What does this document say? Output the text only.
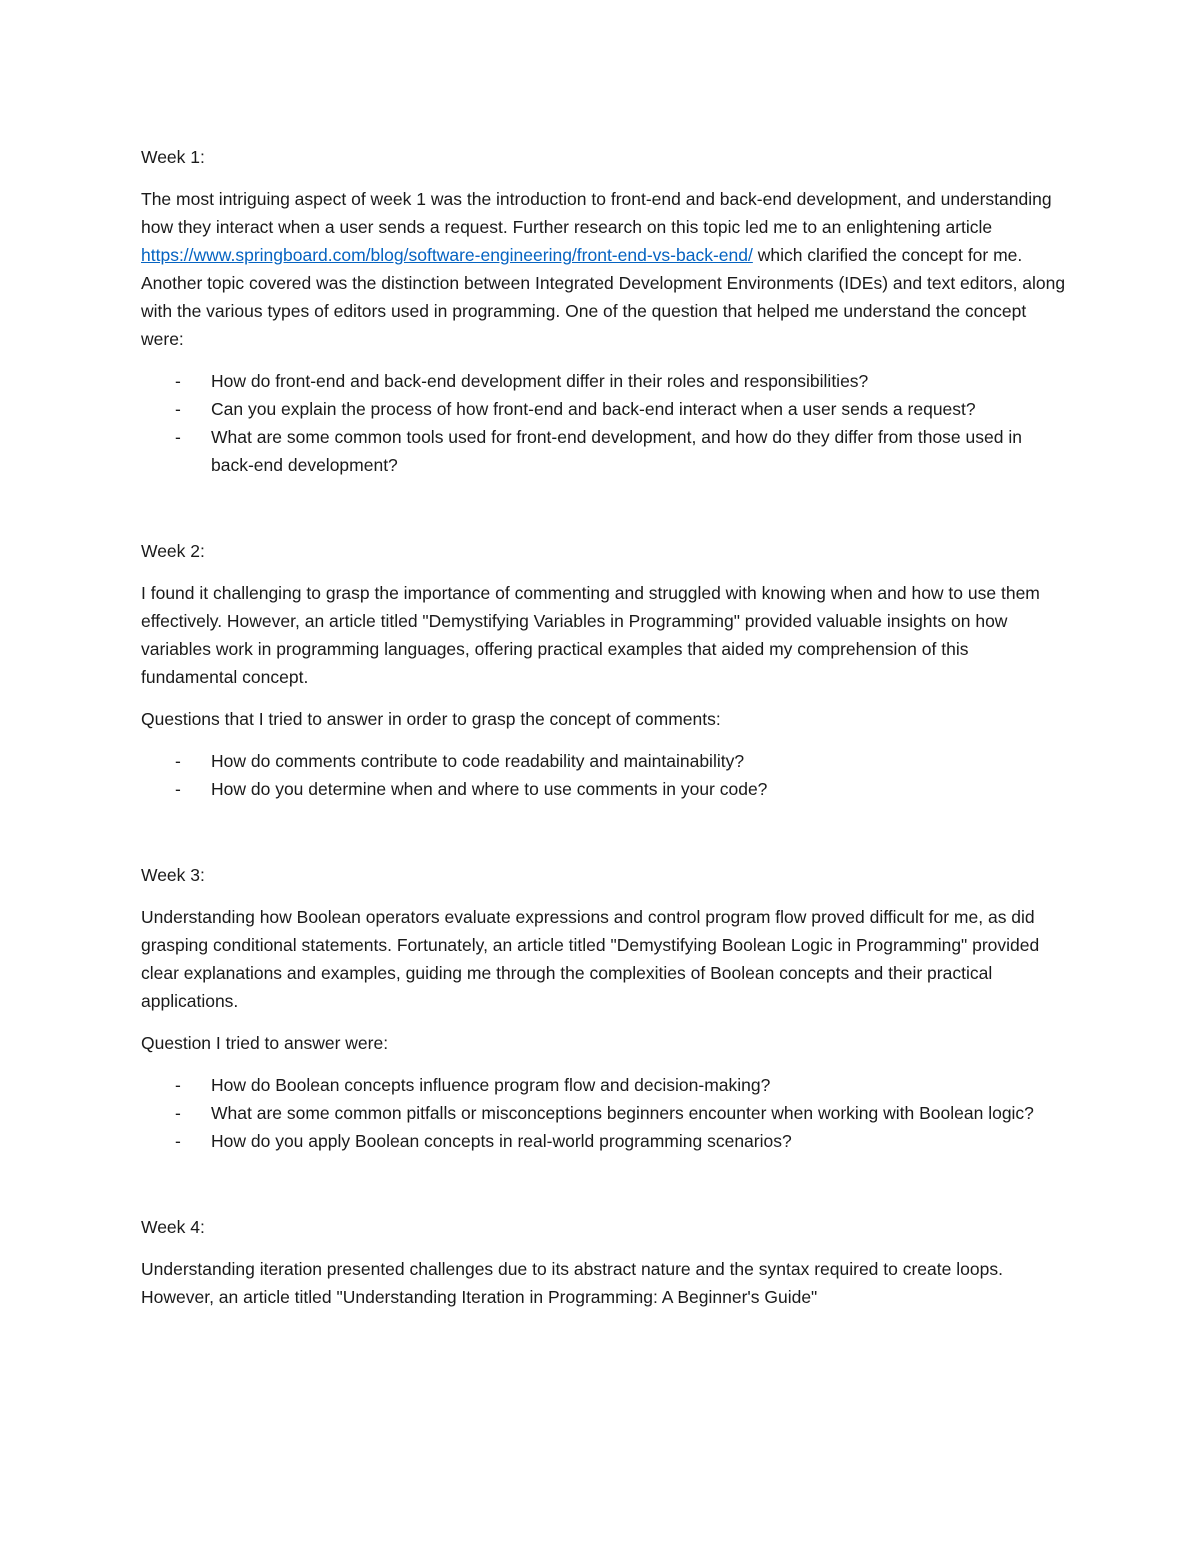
Week 1:

The most intriguing aspect of week 1 was the introduction to front-end and back-end development, and understanding how they interact when a user sends a request. Further research on this topic led me to an enlightening article https://www.springboard.com/blog/software-engineering/front-end-vs-back-end/ which clarified the concept for me. Another topic covered was the distinction between Integrated Development Environments (IDEs) and text editors, along with the various types of editors used in programming. One of the question that helped me understand the concept were:

- How do front-end and back-end development differ in their roles and responsibilities?
- Can you explain the process of how front-end and back-end interact when a user sends a request?
- What are some common tools used for front-end development, and how do they differ from those used in back-end development?

Week 2:

I found it challenging to grasp the importance of commenting and struggled with knowing when and how to use them effectively. However, an article titled "Demystifying Variables in Programming" provided valuable insights on how variables work in programming languages, offering practical examples that aided my comprehension of this fundamental concept.

Questions that I tried to answer in order to grasp the concept of comments:

- How do comments contribute to code readability and maintainability?
- How do you determine when and where to use comments in your code?

Week 3:

Understanding how Boolean operators evaluate expressions and control program flow proved difficult for me, as did grasping conditional statements. Fortunately, an article titled "Demystifying Boolean Logic in Programming" provided clear explanations and examples, guiding me through the complexities of Boolean concepts and their practical applications.

Question I tried to answer were:

- How do Boolean concepts influence program flow and decision-making?
- What are some common pitfalls or misconceptions beginners encounter when working with Boolean logic?
- How do you apply Boolean concepts in real-world programming scenarios?

Week 4:

Understanding iteration presented challenges due to its abstract nature and the syntax required to create loops. However, an article titled "Understanding Iteration in Programming: A Beginner's Guide"
